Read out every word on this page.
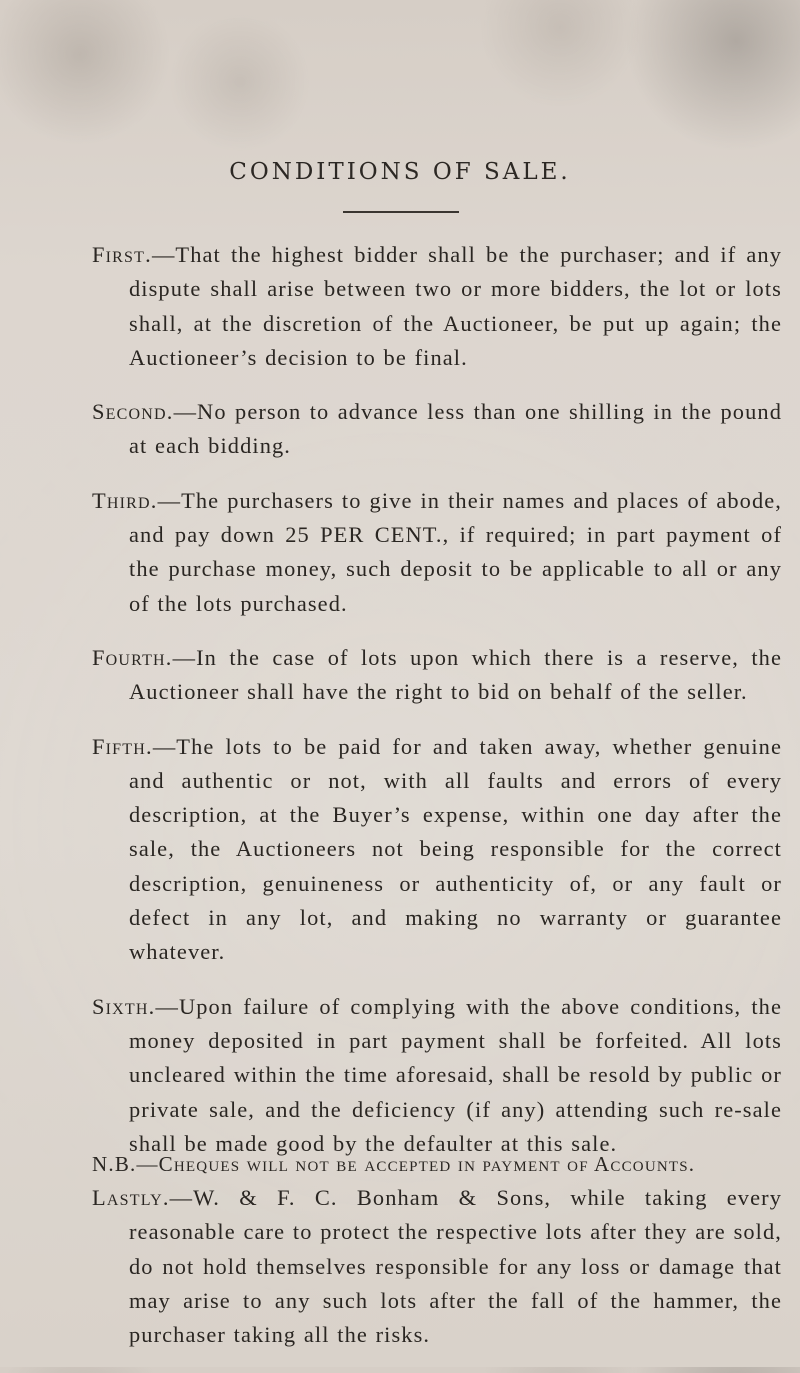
CONDITIONS OF SALE.
First.—That the highest bidder shall be the purchaser; and if any dispute shall arise between two or more bidders, the lot or lots shall, at the discretion of the Auctioneer, be put up again; the Auctioneer’s decision to be final.
Second.—No person to advance less than one shilling in the pound at each bidding.
Third.—The purchasers to give in their names and places of abode, and pay down 25 PER CENT., if required; in part payment of the purchase money, such deposit to be applicable to all or any of the lots purchased.
Fourth.—In the case of lots upon which there is a reserve, the Auctioneer shall have the right to bid on behalf of the seller.
Fifth.—The lots to be paid for and taken away, whether genuine and authentic or not, with all faults and errors of every description, at the Buyer’s expense, within one day after the sale, the Auctioneers not being responsible for the correct description, genuineness or authenticity of, or any fault or defect in any lot, and making no warranty or guarantee whatever.
Sixth.—Upon failure of complying with the above conditions, the money deposited in part payment shall be forfeited. All lots uncleared within the time aforesaid, shall be resold by public or private sale, and the deficiency (if any) attending such re-sale shall be made good by the defaulter at this sale.
Lastly.—W. & F. C. Bonham & Sons, while taking every reasonable care to protect the respective lots after they are sold, do not hold themselves responsible for any loss or damage that may arise to any such lots after the fall of the hammer, the purchaser taking all the risks.

N.B.—Cheques will not be accepted in payment of Accounts.
